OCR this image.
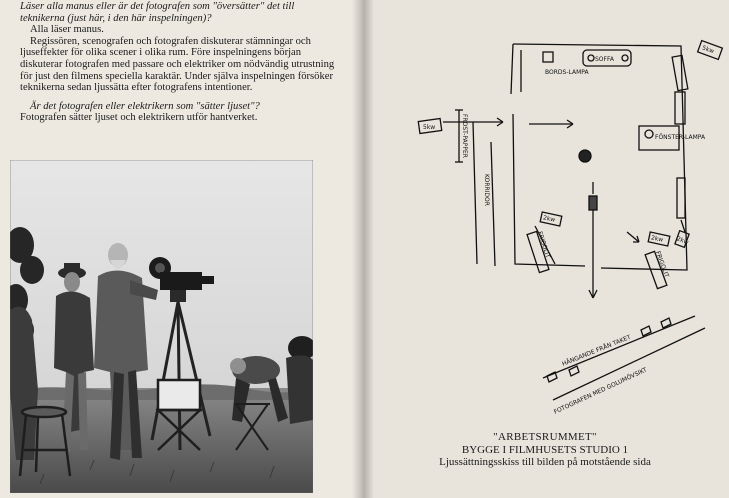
Läser alla manus eller är det fotografen som "översätter" det till teknikerna (just här, i den här inspelningen)?

Alla läser manus.

Regissören, scenografen och fotografen diskuterar stämningar och ljuseffekter för olika scener i olika rum. Före inspelningens början diskuterar fotografen med passare och elektriker om nödvändig utrustning för just den filmens speciella karaktär. Under själva inspelningen försöker teknikerna sedan ljussätta efter fotografens intentioner.

Är det fotografen eller elektrikern som "sätter ljuset"?

Fotografen sätter ljuset och elektrikern utför hantverket.

SOFFA
BORDS-LAMPA
FÖNSTER-LAMPA
5kw
5kw
FROST-PAPPER
KORRIDOR
2kw
2kw 2kw
FRIGOLIT
FRIGOLIT
HÄNGANDE FRÅN TAKET
FOTOGRAFEN MED GOLUMÖVSIKT
"ARBETSRUMMET"
BYGGE I FILMHUSETS STUDIO 1
Ljussättningsskiss till bilden på motstående sida
